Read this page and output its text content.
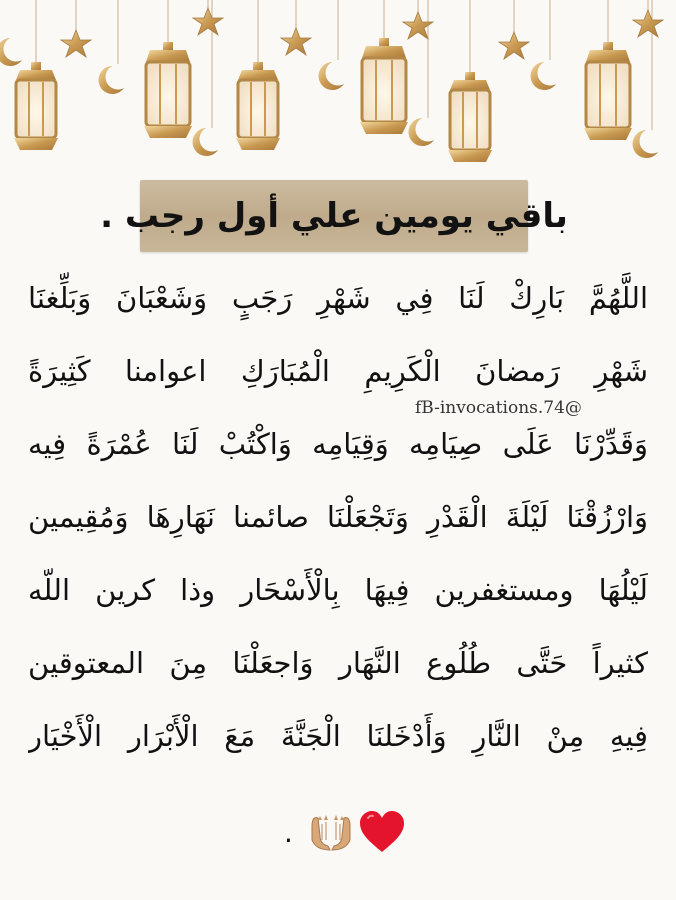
باقي يومين علي أول رجب .
اللَّهُمَّ بَارِكْ لَنَا فِي شَهْرِ رَجَبٍ وَشَعْبَانَ وَبَلِّغنَا
شَهْرِ رَمضانَ الْكَرِيمِ الْمُبَارَكِ اعوامنا كَثِيرَةً
وَقَدِّرْنَا عَلَى صِيَامِه وَقِيَامِه وَاكْتُبْ لَنَا عُمْرَةً فِيه
وَارْزُقْنَا لَيْلَةَ الْقَدْرِ وَتَجْعَلْنَا صائمنا نَهَارِهَا وَمُقِيمين
لَيْلُهَا ومستغفرين فِيهَا بِالْأَسْحَار وذا كرين اللّه
كثيراً حَتَّى طُلُوع النَّهَار وَاجعَلْنَا مِنَ المعتوقين
فِيهِ مِنْ النَّارِ وَأَدْخَلنَا الْجَنَّةَ مَعَ الْأَبْرَار الْأَخْيَار
fB-invocations.74@
.
